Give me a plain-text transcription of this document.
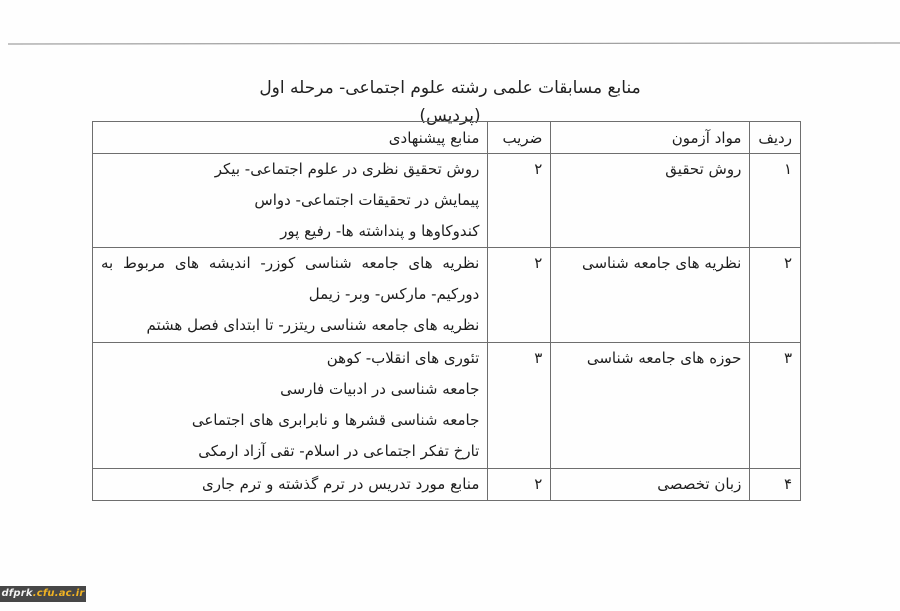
منابع مسابقات علمی رشته علوم اجتماعی- مرحله اول (پردیس)
ردیف	مواد آزمون	ضریب	منابع پیشنهادی
۱	روش تحقیق	۲	روش تحقیق نظری در علوم اجتماعی- بیکر
پیمایش در تحقیقات اجتماعی- دواس
کندوکاوها و پنداشته ها- رفیع پور

۲	نظریه های جامعه شناسی	۲	نظریه های جامعه شناسی کوزر- اندیشه های مربوط به
دورکیم- مارکس- وبر- زیمل
نظریه های جامعه شناسی ریتزر- تا ابتدای فصل هشتم

۳	حوزه های جامعه شناسی	۳	تئوری های انقلاب- کوهن
جامعه شناسی در ادبیات فارسی
جامعه شناسی قشرها و نابرابری های اجتماعی
تارخ تفکر اجتماعی در اسلام- تقی آزاد ارمکی

۴	زبان تخصصی	۲	منابع مورد تدریس در ترم گذشته و ترم جاری
dfprk.cfu.ac.ir
